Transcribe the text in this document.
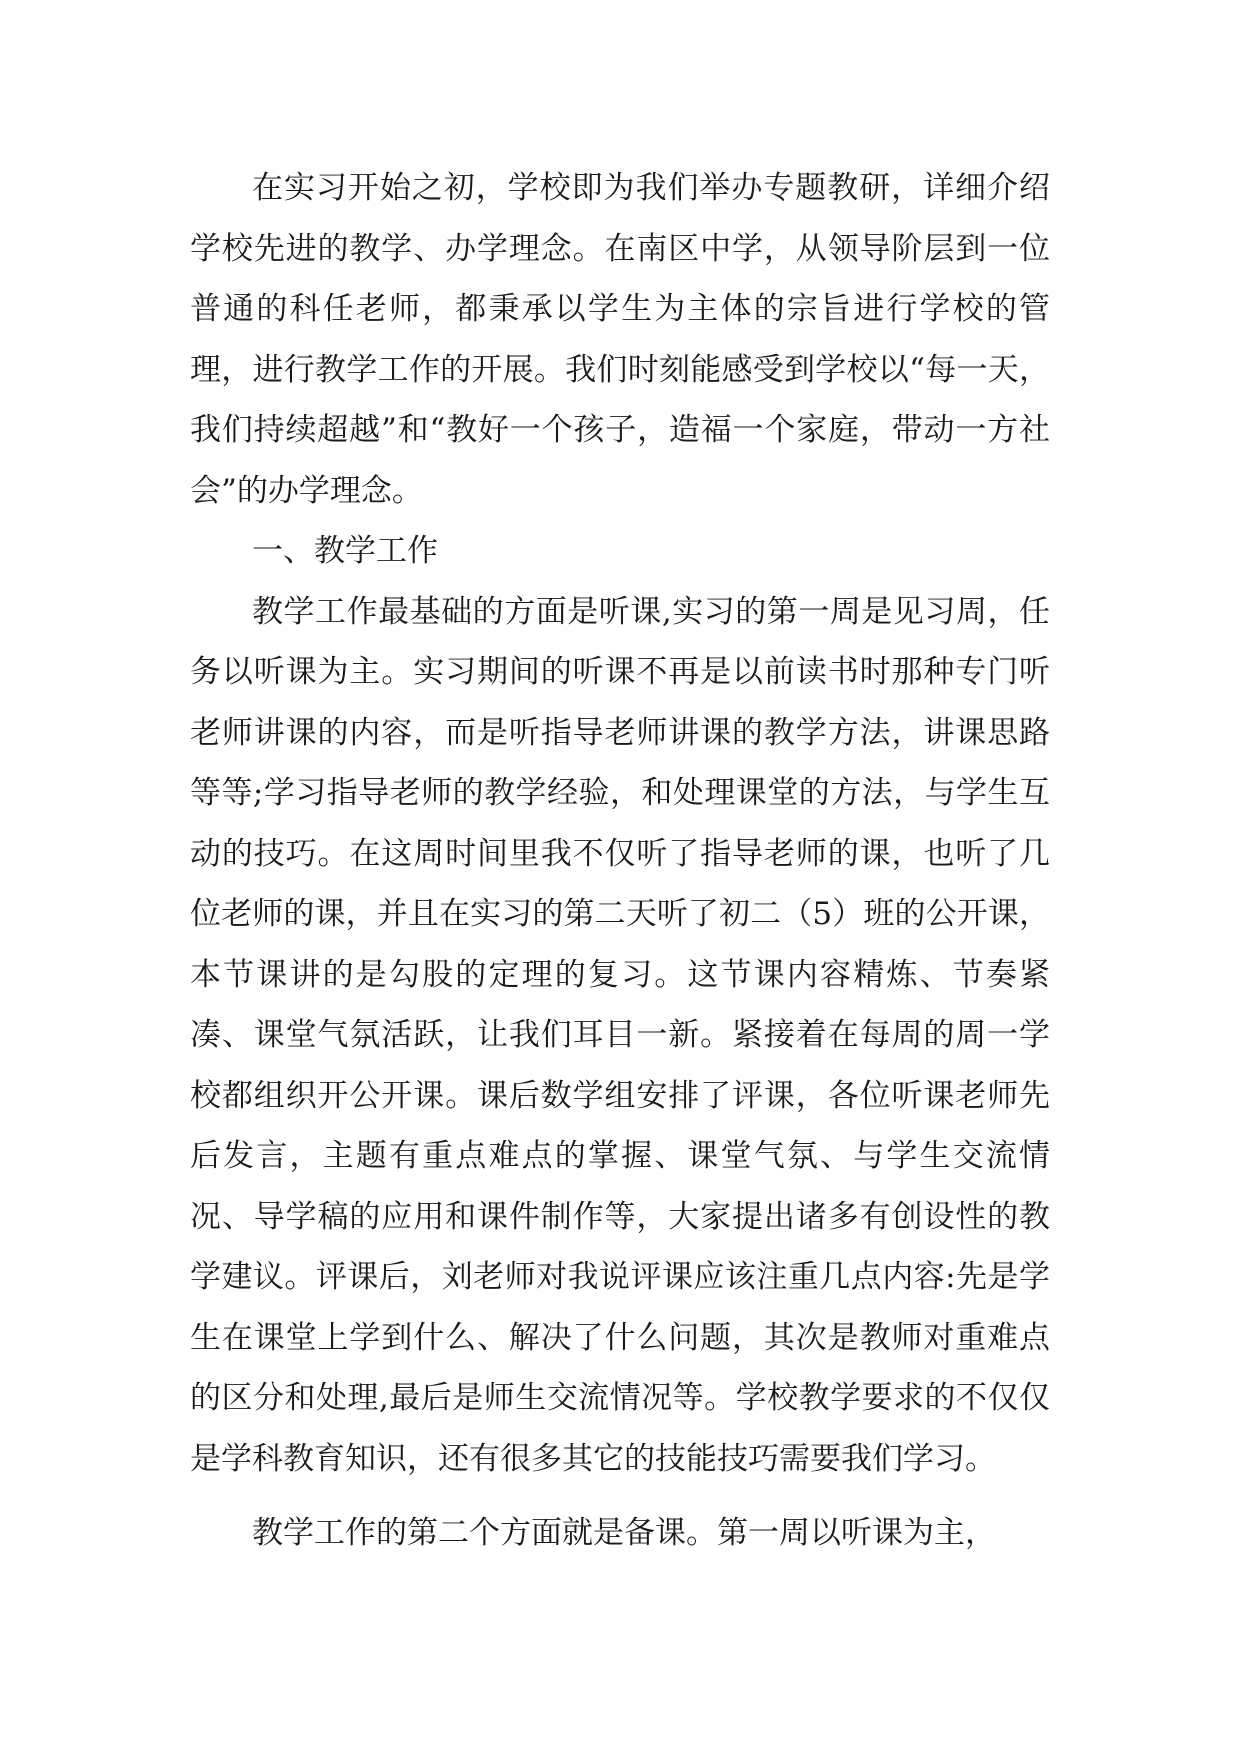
在实习开始之初，学校即为我们举办专题教研，详细介绍学校先进的教学、办学理念。在南区中学，从领导阶层到一位普通的科任老师，都秉承以学生为主体的宗旨进行学校的管理，进行教学工作的开展。我们时刻能感受到学校以“每一天，我们持续超越”和“教好一个孩子，造福一个家庭，带动一方社会”的办学理念。

一、教学工作

教学工作最基础的方面是听课,实习的第一周是见习周，任务以听课为主。实习期间的听课不再是以前读书时那种专门听老师讲课的内容，而是听指导老师讲课的教学方法，讲课思路等等;学习指导老师的教学经验，和处理课堂的方法，与学生互动的技巧。在这周时间里我不仅听了指导老师的课，也听了几位老师的课，并且在实习的第二天听了初二（5）班的公开课，本节课讲的是勾股的定理的复习。这节课内容精炼、节奏紧凑、课堂气氛活跃，让我们耳目一新。紧接着在每周的周一学校都组织开公开课。课后数学组安排了评课，各位听课老师先后发言，主题有重点难点的掌握、课堂气氛、与学生交流情况、导学稿的应用和课件制作等，大家提出诸多有创设性的教学建议。评课后，刘老师对我说评课应该注重几点内容:先是学生在课堂上学到什么、解决了什么问题，其次是教师对重难点的区分和处理,最后是师生交流情况等。学校教学要求的不仅仅是学科教育知识，还有很多其它的技能技巧需要我们学习。

教学工作的第二个方面就是备课。第一周以听课为主，
